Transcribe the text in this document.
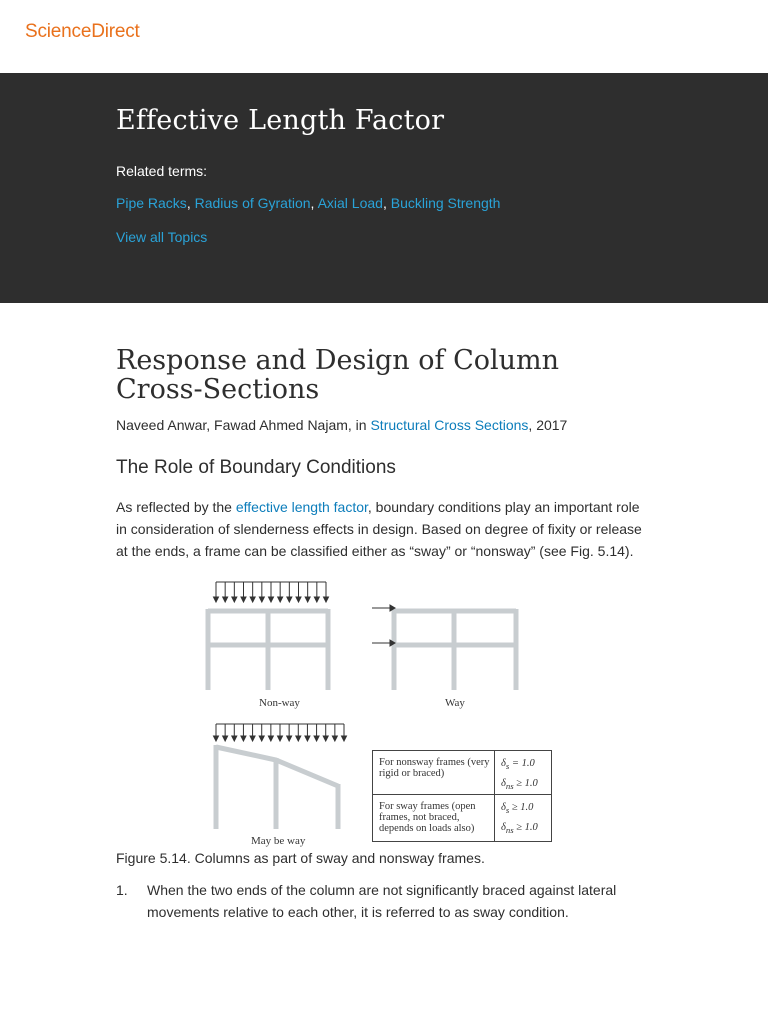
ScienceDirect
Effective Length Factor
Related terms:
Pipe Racks, Radius of Gyration, Axial Load, Buckling Strength
View all Topics
Response and Design of Column Cross-Sections
Naveed Anwar, Fawad Ahmed Najam, in Structural Cross Sections, 2017
The Role of Boundary Conditions

As reflected by the effective length factor, boundary conditions play an important role in consideration of slenderness effects in design. Based on degree of fixity or release at the ends, a frame can be classified either as “sway” or “nonsway” (see Fig. 5.14).

Non-way	Way
May be way
For nonsway frames (very rigid or braced)
$\delta_s = 1.0$
$\delta_{ns} \ge 1.0$
For sway frames (open frames, not braced, depends on loads also)
$\delta_s \ge 1.0$
$\delta_{ns} \ge 1.0$
Figure 5.14. Columns as part of sway and nonsway frames.
1. When the two ends of the column are not significantly braced against lateral movements relative to each other, it is referred to as sway condition.
